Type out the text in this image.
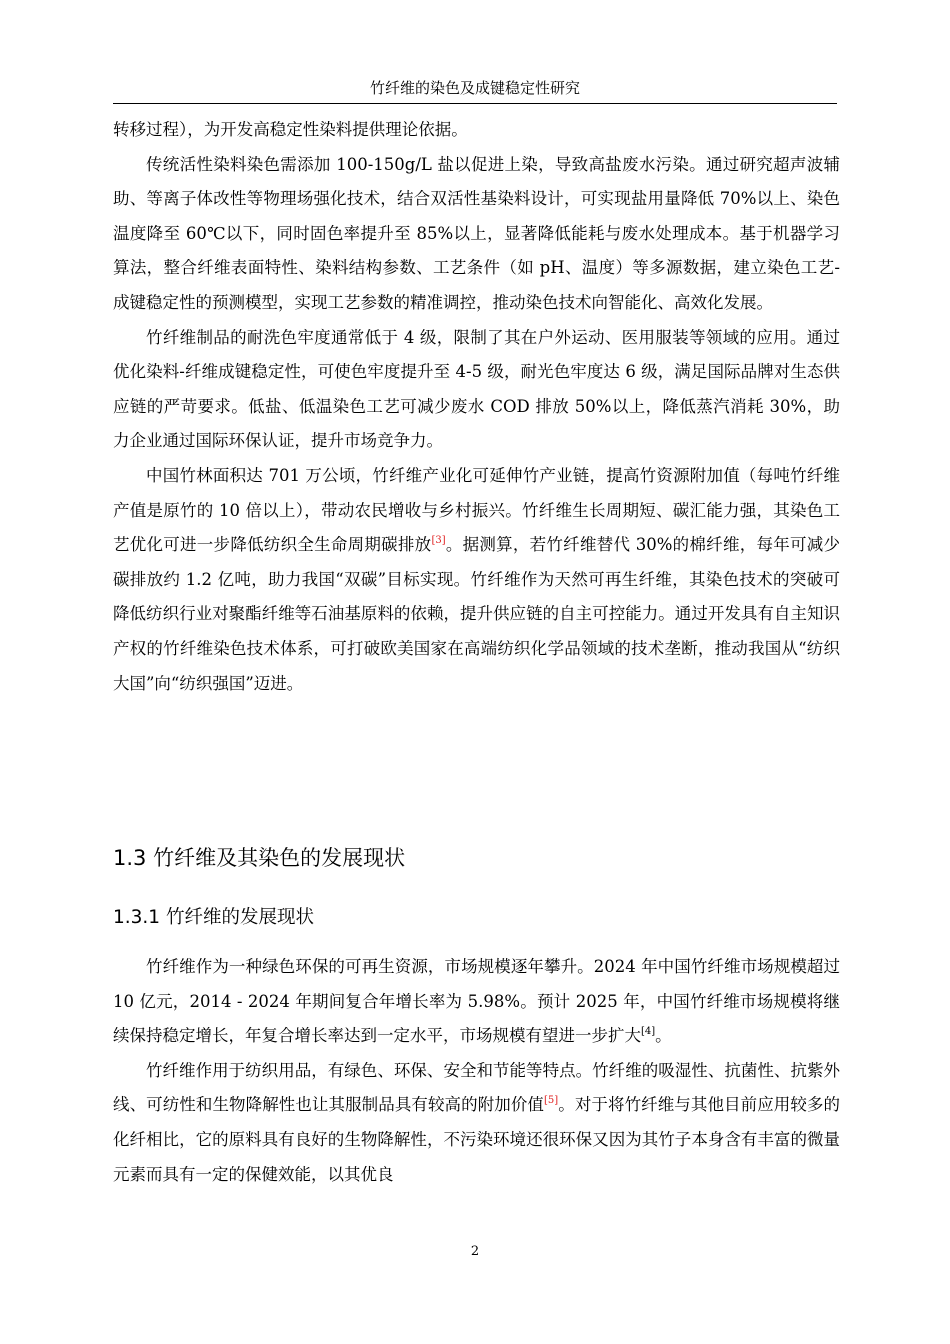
竹纤维的染色及成键稳定性研究

转移过程），为开发高稳定性染料提供理论依据。

传统活性染料染色需添加 100-150g/L 盐以促进上染，导致高盐废水污染。通过研究超声波辅助、等离子体改性等物理场强化技术，结合双活性基染料设计，可实现盐用量降低 70%以上、染色温度降至 60℃以下，同时固色率提升至 85%以上，显著降低能耗与废水处理成本。基于机器学习算法，整合纤维表面特性、染料结构参数、工艺条件（如 pH、温度）等多源数据，建立染色工艺-成键稳定性的预测模型，实现工艺参数的精准调控，推动染色技术向智能化、高效化发展。

竹纤维制品的耐洗色牢度通常低于 4 级，限制了其在户外运动、医用服装等领域的应用。通过优化染料-纤维成键稳定性，可使色牢度提升至 4-5 级，耐光色牢度达 6 级，满足国际品牌对生态供应链的严苛要求。低盐、低温染色工艺可减少废水 COD 排放 50%以上，降低蒸汽消耗 30%，助力企业通过国际环保认证，提升市场竞争力。

中国竹林面积达 701 万公顷，竹纤维产业化可延伸竹产业链，提高竹资源附加值（每吨竹纤维产值是原竹的 10 倍以上），带动农民增收与乡村振兴。竹纤维生长周期短、碳汇能力强，其染色工艺优化可进一步降低纺织全生命周期碳排放[3]。据测算，若竹纤维替代 30%的棉纤维，每年可减少碳排放约 1.2 亿吨，助力我国“双碳”目标实现。竹纤维作为天然可再生纤维，其染色技术的突破可降低纺织行业对聚酯纤维等石油基原料的依赖，提升供应链的自主可控能力。通过开发具有自主知识产权的竹纤维染色技术体系，可打破欧美国家在高端纺织化学品领域的技术垄断，推动我国从“纺织大国”向“纺织强国”迈进。

1.3 竹纤维及其染色的发展现状
1.3.1 竹纤维的发展现状

竹纤维作为一种绿色环保的可再生资源，市场规模逐年攀升。2024 年中国竹纤维市场规模超过 10 亿元，2014 - 2024 年期间复合年增长率为 5.98%。预计 2025 年，中国竹纤维市场规模将继续保持稳定增长，年复合增长率达到一定水平，市场规模有望进一步扩大[4]。

竹纤维作用于纺织用品，有绿色、环保、安全和节能等特点。竹纤维的吸湿性、抗菌性、抗紫外线、可纺性和生物降解性也让其服制品具有较高的附加价值[5]。对于将竹纤维与其他目前应用较多的化纤相比，它的原料具有良好的生物降解性，不污染环境还很环保又因为其竹子本身含有丰富的微量元素而具有一定的保健效能，以其优良

2
